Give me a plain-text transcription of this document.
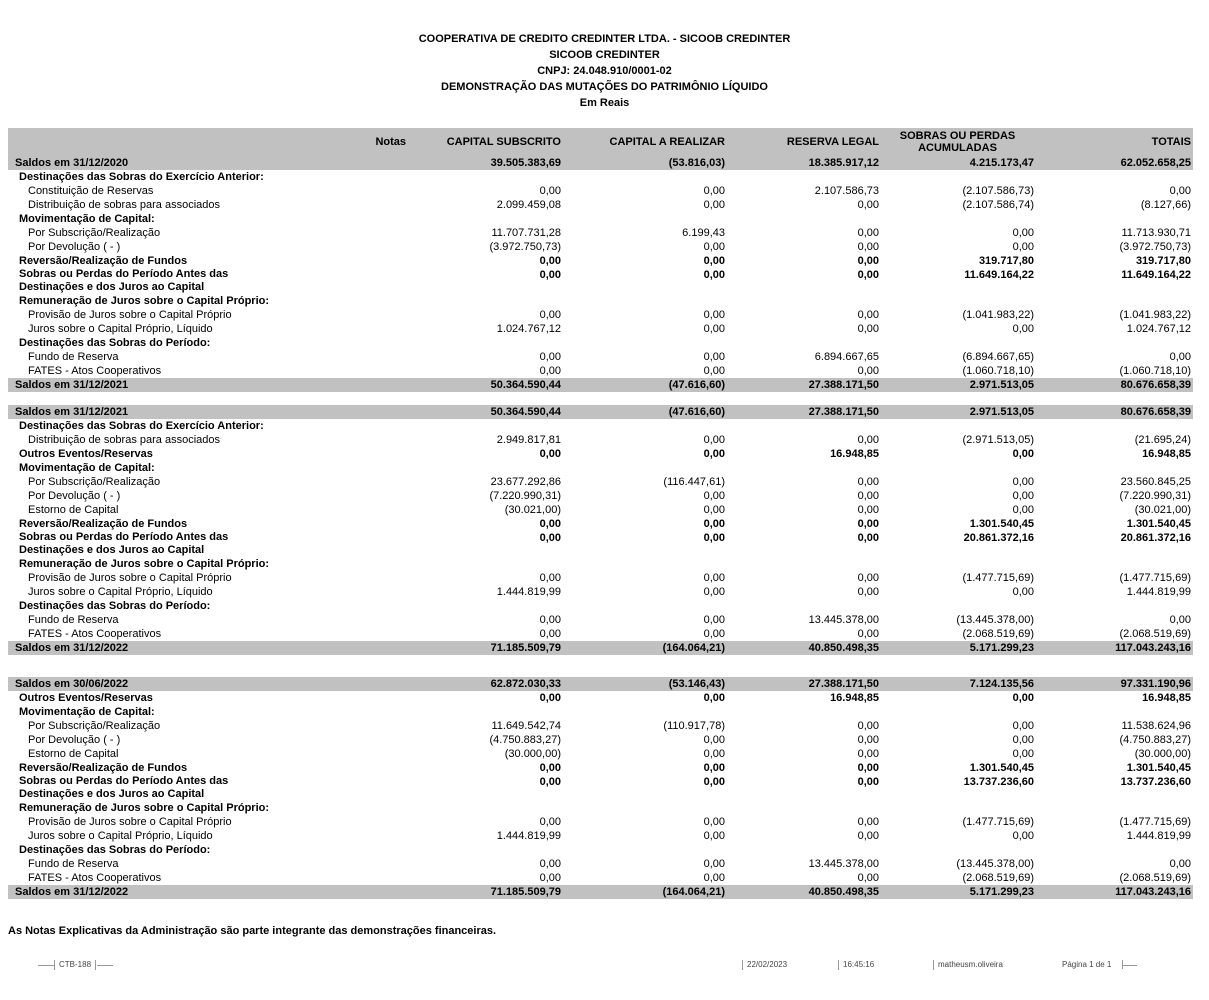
COOPERATIVA DE CREDITO CREDINTER LTDA. - SICOOB CREDINTER
SICOOB CREDINTER
CNPJ: 24.048.910/0001-02
DEMONSTRAÇÃO DAS MUTAÇÕES DO PATRIMÔNIO LÍQUIDO
Em Reais
	Notas	CAPITAL SUBSCRITO	CAPITAL A REALIZAR	RESERVA LEGAL	SOBRAS OU PERDAS ACUMULADAS	TOTAIS
Saldos em 31/12/2020		39.505.383,69	(53.816,03)	18.385.917,12	4.215.173,47	62.052.658,25
Destinações das Sobras do Exercício Anterior:						
Constituição de Reservas		0,00	0,00	2.107.586,73	(2.107.586,73)	0,00
Distribuição de sobras para associados		2.099.459,08	0,00	0,00	(2.107.586,74)	(8.127,66)
Movimentação de Capital:						
Por Subscrição/Realização		11.707.731,28	6.199,43	0,00	0,00	11.713.930,71
Por Devolução ( - )		(3.972.750,73)	0,00	0,00	0,00	(3.972.750,73)
Reversão/Realização de Fundos		0,00	0,00	0,00	319.717,80	319.717,80

Sobras ou Perdas do Período Antes das
Destinações e dos Juros ao Capital		0,00	0,00	0,00	11.649.164,22	11.649.164,22
Remuneração de Juros sobre o Capital Próprio:						
Provisão de Juros sobre o Capital Próprio		0,00	0,00	0,00	(1.041.983,22)	(1.041.983,22)
Juros sobre o Capital Próprio, Líquido		1.024.767,12	0,00	0,00	0,00	1.024.767,12
Destinações das Sobras do Período:						
Fundo de Reserva		0,00	0,00	6.894.667,65	(6.894.667,65)	0,00
FATES - Atos Cooperativos		0,00	0,00	0,00	(1.060.718,10)	(1.060.718,10)
Saldos em 31/12/2021		50.364.590,44	(47.616,60)	27.388.171,50	2.971.513,05	80.676.658,39

Saldos em 31/12/2021		50.364.590,44	(47.616,60)	27.388.171,50	2.971.513,05	80.676.658,39
Destinações das Sobras do Exercício Anterior:						
Distribuição de sobras para associados		2.949.817,81	0,00	0,00	(2.971.513,05)	(21.695,24)
Outros Eventos/Reservas		0,00	0,00	16.948,85	0,00	16.948,85
Movimentação de Capital:						
Por Subscrição/Realização		23.677.292,86	(116.447,61)	0,00	0,00	23.560.845,25
Por Devolução ( - )		(7.220.990,31)	0,00	0,00	0,00	(7.220.990,31)
Estorno de Capital		(30.021,00)	0,00	0,00	0,00	(30.021,00)
Reversão/Realização de Fundos		0,00	0,00	0,00	1.301.540,45	1.301.540,45

Sobras ou Perdas do Período Antes das
Destinações e dos Juros ao Capital		0,00	0,00	0,00	20.861.372,16	20.861.372,16
Remuneração de Juros sobre o Capital Próprio:						
Provisão de Juros sobre o Capital Próprio		0,00	0,00	0,00	(1.477.715,69)	(1.477.715,69)
Juros sobre o Capital Próprio, Líquido		1.444.819,99	0,00	0,00	0,00	1.444.819,99
Destinações das Sobras do Período:						
Fundo de Reserva		0,00	0,00	13.445.378,00	(13.445.378,00)	0,00
FATES - Atos Cooperativos		0,00	0,00	0,00	(2.068.519,69)	(2.068.519,69)
Saldos em 31/12/2022		71.185.509,79	(164.064,21)	40.850.498,35	5.171.299,23	117.043.243,16

Saldos em 30/06/2022		62.872.030,33	(53.146,43)	27.388.171,50	7.124.135,56	97.331.190,96
Outros Eventos/Reservas		0,00	0,00	16.948,85	0,00	16.948,85
Movimentação de Capital:						
Por Subscrição/Realização		11.649.542,74	(110.917,78)	0,00	0,00	11.538.624,96
Por Devolução ( - )		(4.750.883,27)	0,00	0,00	0,00	(4.750.883,27)
Estorno de Capital		(30.000,00)	0,00	0,00	0,00	(30.000,00)
Reversão/Realização de Fundos		0,00	0,00	0,00	1.301.540,45	1.301.540,45

Sobras ou Perdas do Período Antes das
Destinações e dos Juros ao Capital		0,00	0,00	0,00	13.737.236,60	13.737.236,60
Remuneração de Juros sobre o Capital Próprio:						
Provisão de Juros sobre o Capital Próprio		0,00	0,00	0,00	(1.477.715,69)	(1.477.715,69)
Juros sobre o Capital Próprio, Líquido		1.444.819,99	0,00	0,00	0,00	1.444.819,99
Destinações das Sobras do Período:						
Fundo de Reserva		0,00	0,00	13.445.378,00	(13.445.378,00)	0,00
FATES - Atos Cooperativos		0,00	0,00	0,00	(2.068.519,69)	(2.068.519,69)
Saldos em 31/12/2022		71.185.509,79	(164.064,21)	40.850.498,35	5.171.299,23	117.043.243,16
As Notas Explicativas da Administração são parte integrante das demonstrações financeiras.
CTB-188	22/02/2023	16:45:16	matheusm.oliveira	Página 1 de 1
